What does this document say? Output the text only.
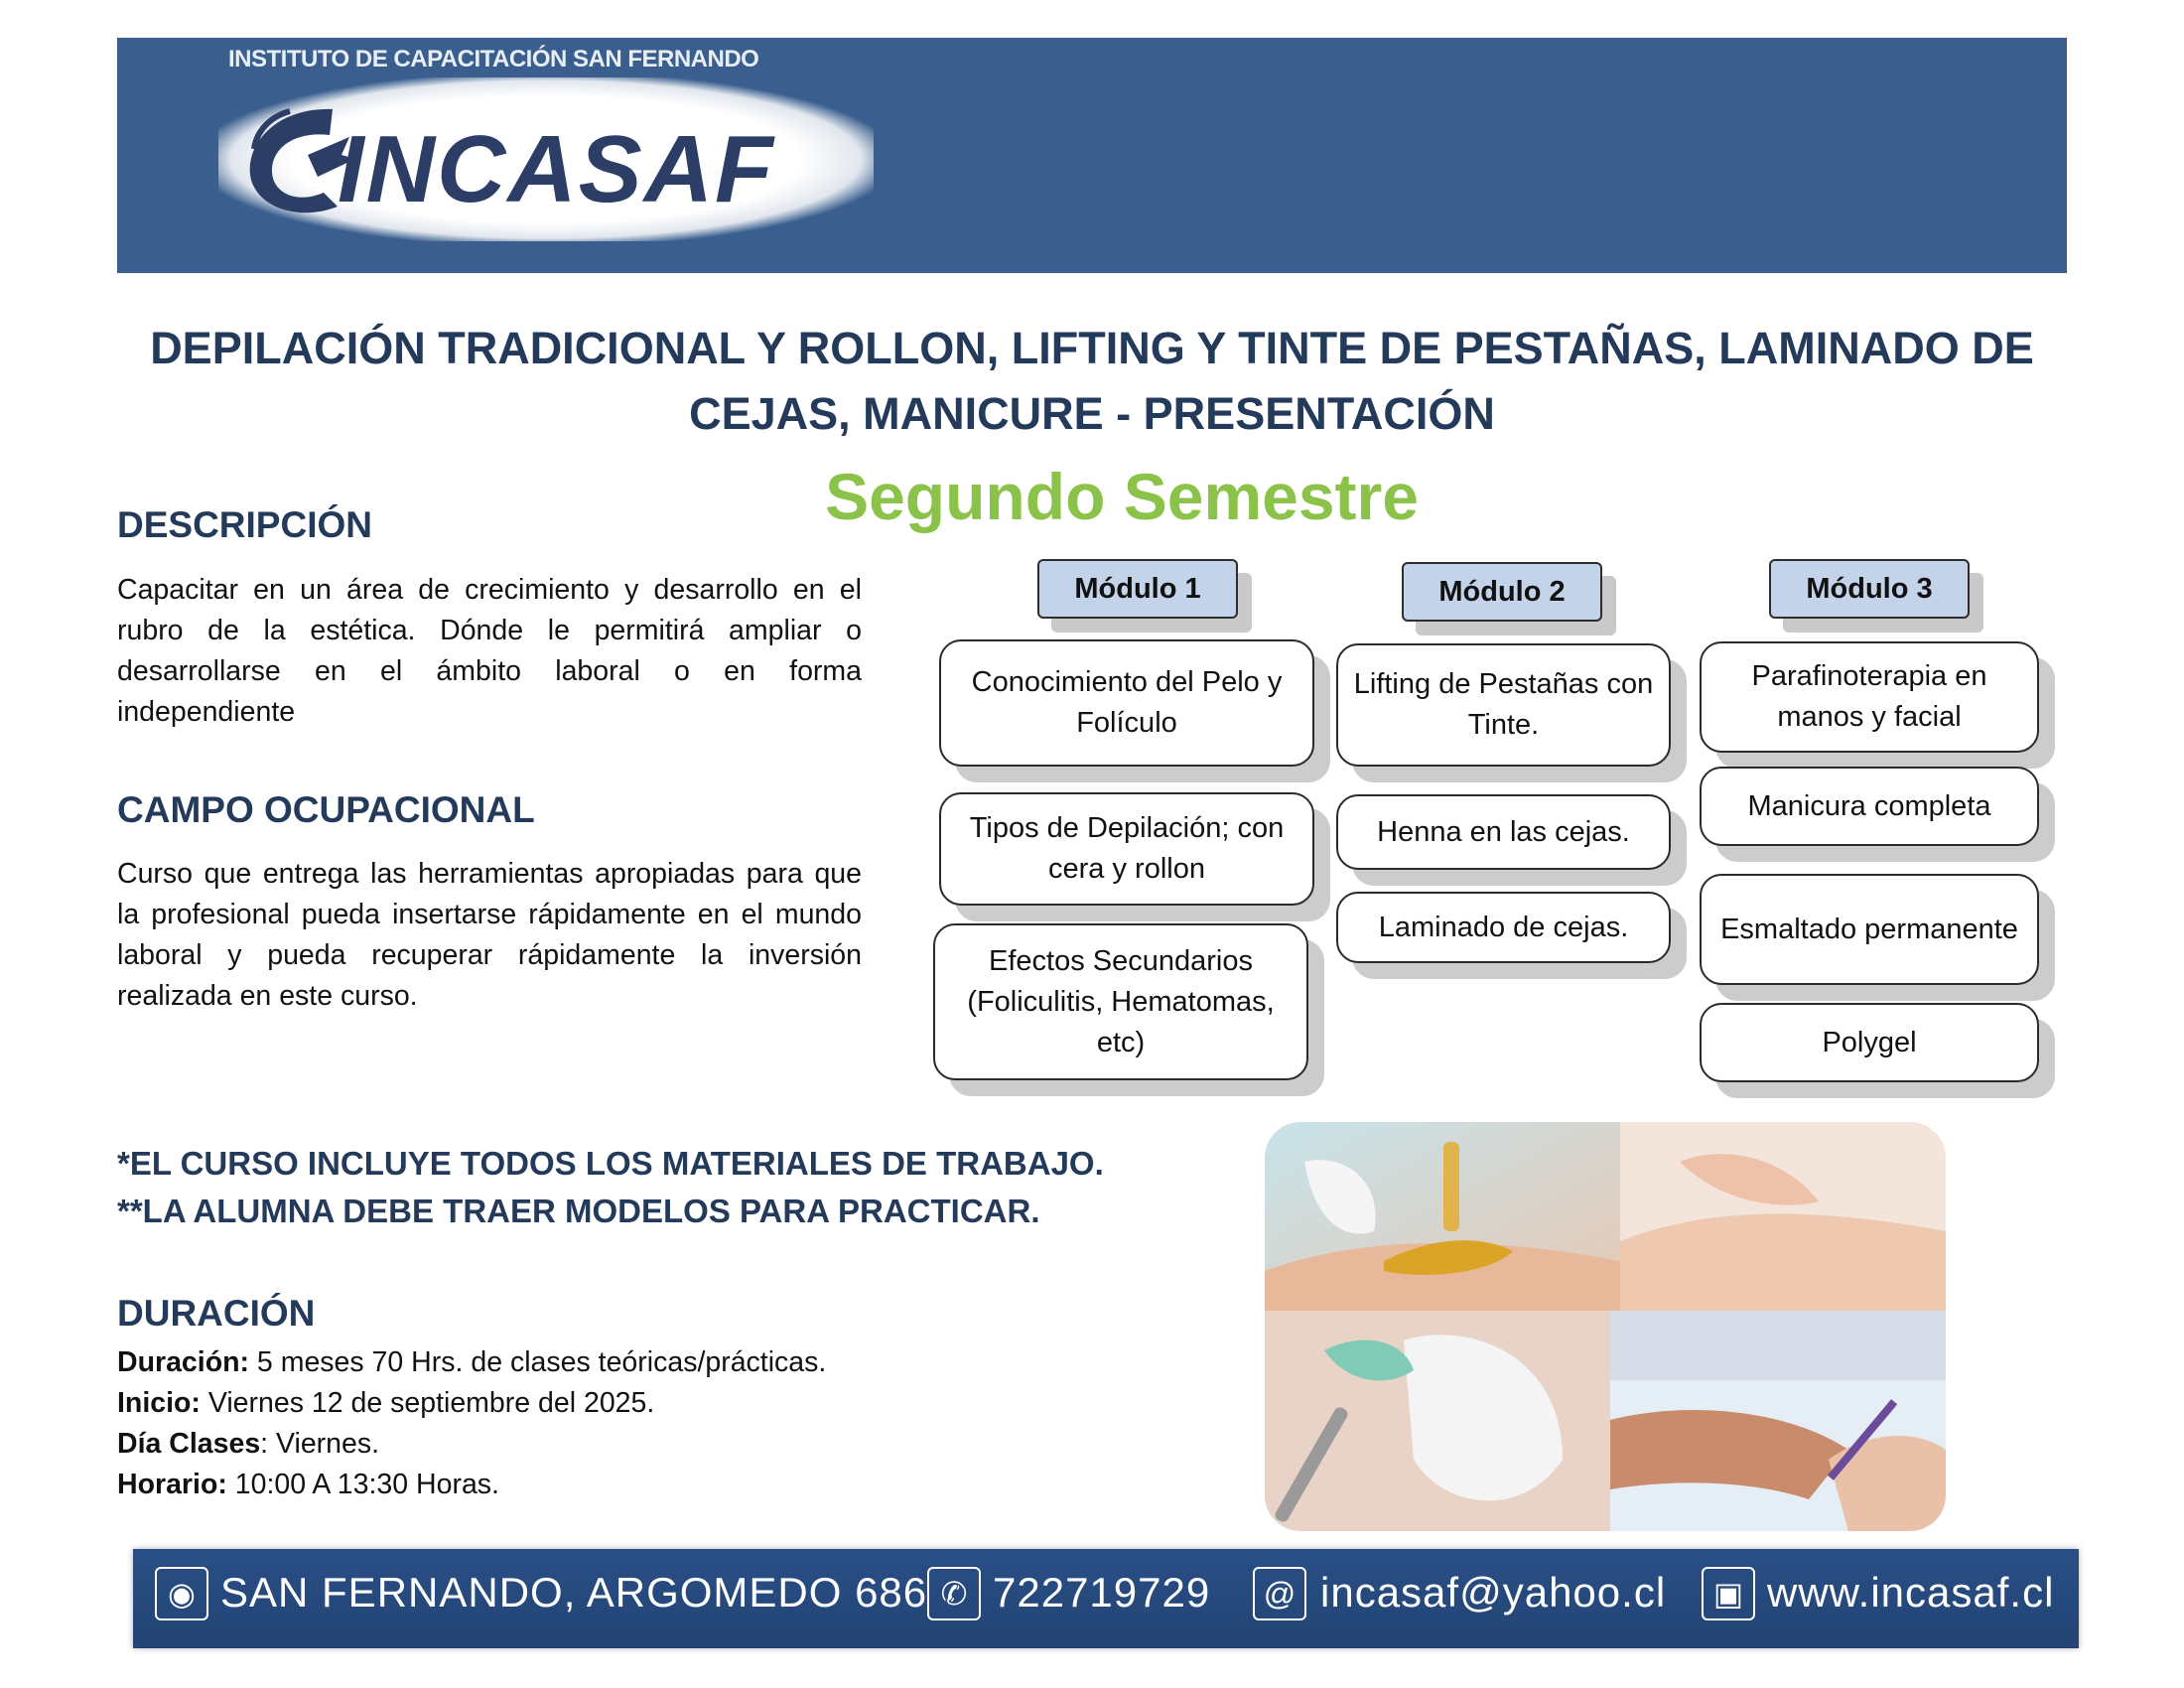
INSTITUTO DE CAPACITACIÓN SAN FERNANDO
INCASAF
DEPILACIÓN TRADICIONAL Y ROLLON, LIFTING Y TINTE DE PESTAÑAS, LAMINADO DE
CEJAS, MANICURE - PRESENTACIÓN
Segundo Semestre
DESCRIPCIÓN
Capacitar en un área de crecimiento y desarrollo en el rubro de la estética. Dónde le permitirá ampliar o desarrollarse en el ámbito laboral o en forma independiente
CAMPO OCUPACIONAL
Curso que entrega las herramientas apropiadas para que la profesional pueda insertarse rápidamente en el mundo laboral y pueda recuperar rápidamente la inversión realizada en este curso.
*EL CURSO INCLUYE TODOS LOS MATERIALES DE TRABAJO.
**LA ALUMNA DEBE TRAER MODELOS PARA PRACTICAR.
DURACIÓN
Duración: 5 meses 70 Hrs. de clases teóricas/prácticas.
Inicio: Viernes 12 de septiembre del 2025.
Día Clases: Viernes.
Horario: 10:00 A 13:30 Horas.
Módulo 1	Módulo 2	Módulo 3
Conocimiento del Pelo y Folículo
Tipos de Depilación; con cera y rollon
Efectos Secundarios (Foliculitis, Hematomas, etc)
Lifting de Pestañas con Tinte.
Henna en las cejas.
Laminado de cejas.
Parafinoterapia en manos y facial
Manicura completa
Esmaltado permanente
Polygel
◉ SAN FERNANDO, ARGOMEDO 686 ✆ 722719729	@ incasaf@yahoo.cl	▣ www.incasaf.cl
